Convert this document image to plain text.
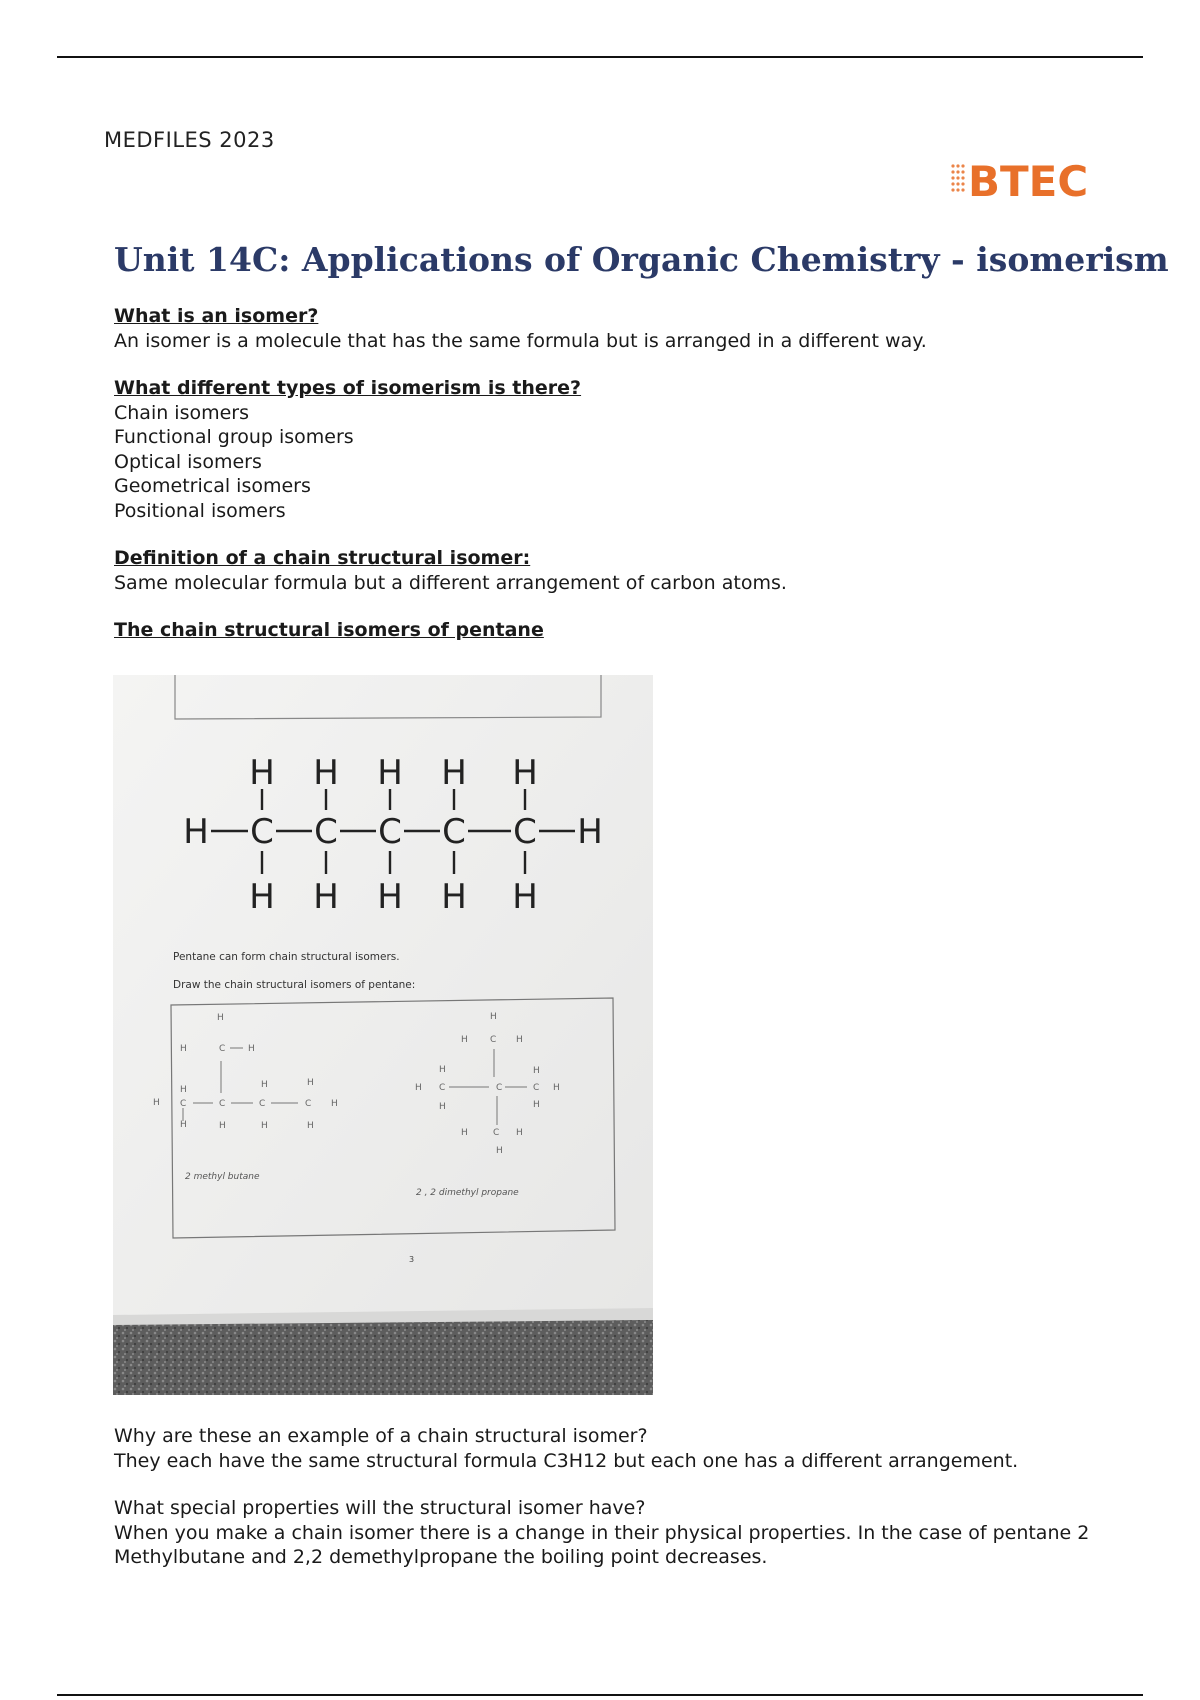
MEDFILES 2023
BTEC
Unit 14C: Applications of Organic Chemistry - isomerism

What is an isomer?

An isomer is a molecule that has the same formula but is arranged in a different way.

What different types of isomerism is there?

Chain isomers
Functional group isomers
Optical isomers
Geometrical isomers
Positional isomers

Definition of a chain structural isomer:

Same molecular formula but a different arrangement of carbon atoms.

The chain structural isomers of pentane

H H H H H
H C C C C C H
H H H H H
Pentane can form chain structural isomers.
Draw the chain structural isomers of pentane:
H
H	C	H
H
H
C	C	C	C H
H	H
H	H	H
H
2 methyl butane
H
H C H
H C	C	C H
H
H
H
H
H	C H
H
2 , 2 dimethyl propane
3

Why are these an example of a chain structural isomer?

They each have the same structural formula C3H12 but each one has a different arrangement.

What special properties will the structural isomer have?

When you make a chain isomer there is a change in their physical properties. In the case of pentane 2 Methylbutane and 2,2 demethylpropane the boiling point decreases.
